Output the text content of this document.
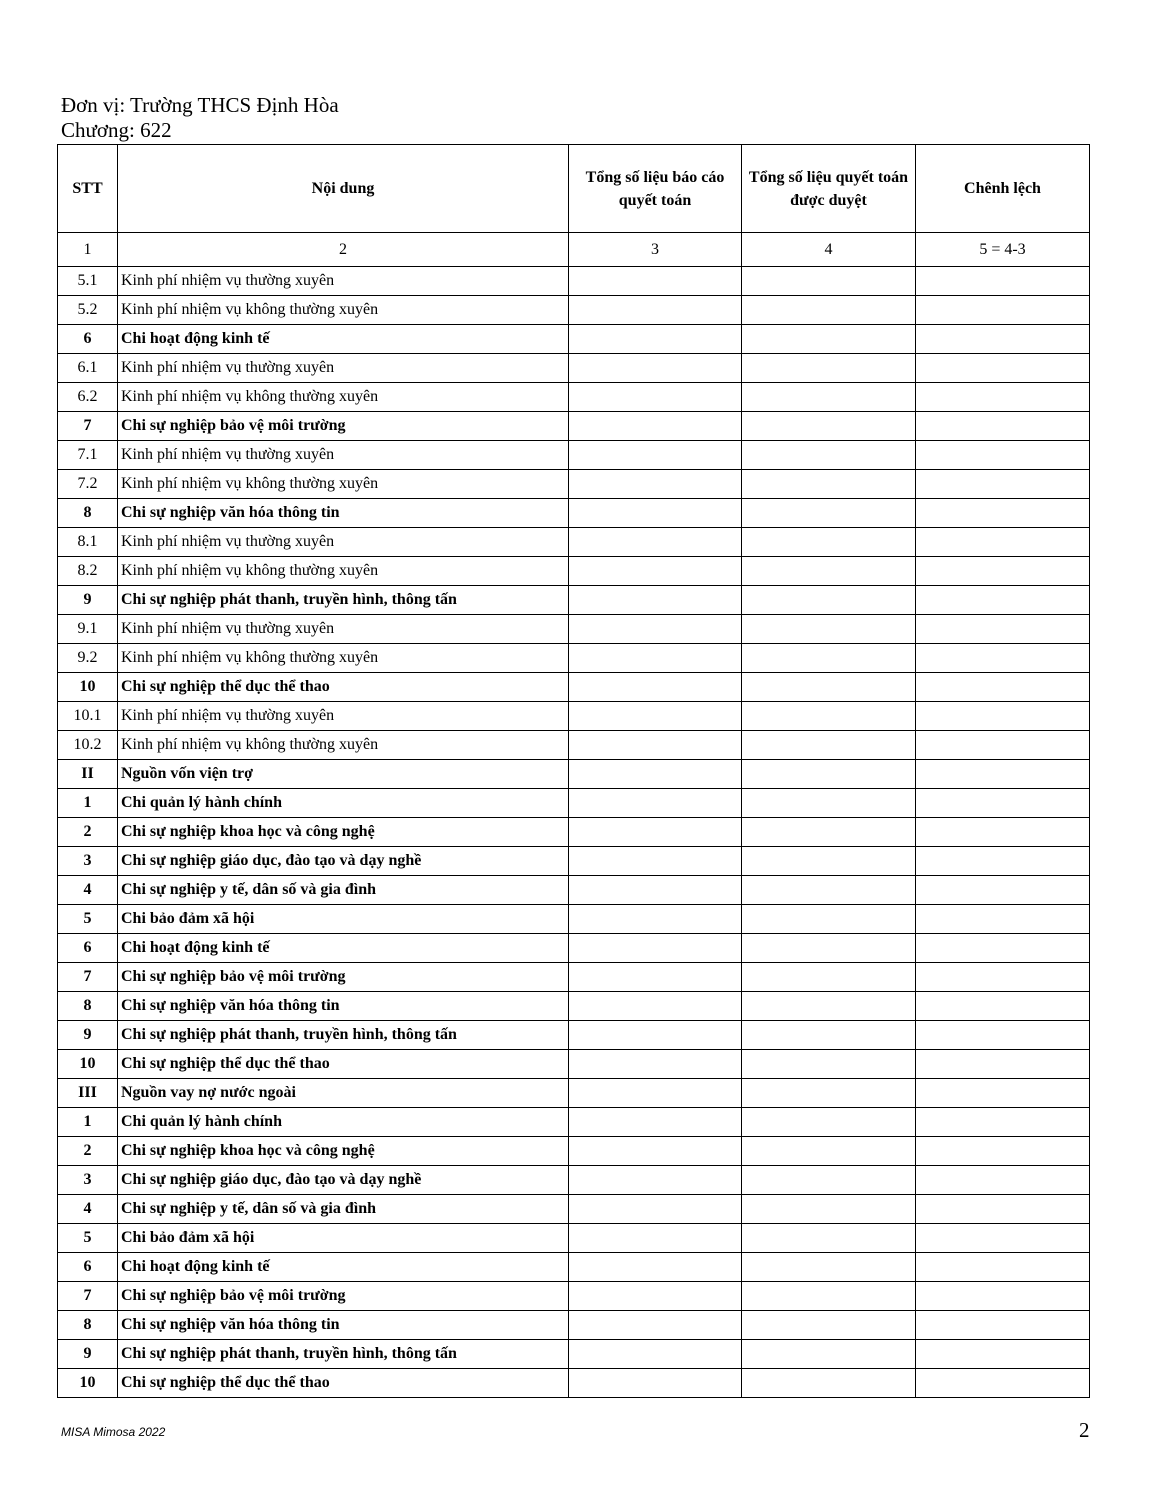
Đơn vị: Trường THCS Định Hòa
Chương: 622
STT	Nội dung	Tổng số liệu báo cáo quyết toán	Tổng số liệu quyết toán được duyệt	Chênh lệch
1	2	3	4	5 = 4-3
5.1	Kinh phí nhiệm vụ thường xuyên			
5.2	Kinh phí nhiệm vụ không thường xuyên			
6	Chi hoạt động kinh tế			
6.1	Kinh phí nhiệm vụ thường xuyên			
6.2	Kinh phí nhiệm vụ không thường xuyên			
7	Chi sự nghiệp bảo vệ môi trường			
7.1	Kinh phí nhiệm vụ thường xuyên			
7.2	Kinh phí nhiệm vụ không thường xuyên			
8	Chi sự nghiệp văn hóa thông tin			
8.1	Kinh phí nhiệm vụ thường xuyên			
8.2	Kinh phí nhiệm vụ không thường xuyên			
9	Chi sự nghiệp phát thanh, truyền hình, thông tấn			
9.1	Kinh phí nhiệm vụ thường xuyên			
9.2	Kinh phí nhiệm vụ không thường xuyên			
10	Chi sự nghiệp thể dục thể thao			
10.1	Kinh phí nhiệm vụ thường xuyên			
10.2	Kinh phí nhiệm vụ không thường xuyên			
II	Nguồn vốn viện trợ			
1	Chi quản lý hành chính			
2	Chi sự nghiệp khoa học và công nghệ			
3	Chi sự nghiệp giáo dục, đào tạo và dạy nghề			
4	Chi sự nghiệp y tế, dân số và gia đình			
5	Chi bảo đảm xã hội			
6	Chi hoạt động kinh tế			
7	Chi sự nghiệp bảo vệ môi trường			
8	Chi sự nghiệp văn hóa thông tin			
9	Chi sự nghiệp phát thanh, truyền hình, thông tấn			
10	Chi sự nghiệp thể dục thể thao			
III	Nguồn vay nợ nước ngoài			
1	Chi quản lý hành chính			
2	Chi sự nghiệp khoa học và công nghệ			
3	Chi sự nghiệp giáo dục, đào tạo và dạy nghề			
4	Chi sự nghiệp y tế, dân số và gia đình			
5	Chi bảo đảm xã hội			
6	Chi hoạt động kinh tế			
7	Chi sự nghiệp bảo vệ môi trường			
8	Chi sự nghiệp văn hóa thông tin			
9	Chi sự nghiệp phát thanh, truyền hình, thông tấn			
10	Chi sự nghiệp thể dục thể thao			
MISA Mimosa 2022	2
